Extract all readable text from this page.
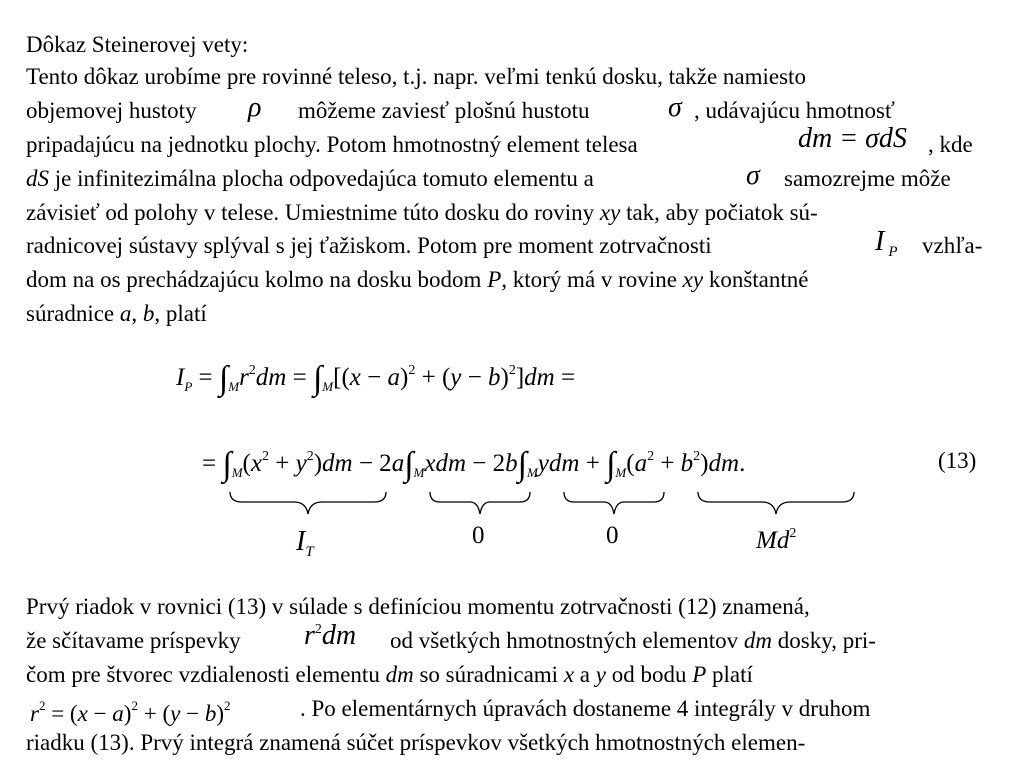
Dôkaz Steinerovej vety:
Tento dôkaz urobíme pre rovinné teleso, t.j. napr. veľmi tenkú dosku, takže namiesto
objemovej hustoty ρ môžeme zaviesť plošnú hustotu	σ , udávajúcu hmotnosť
pripadajúcu na jednotku plochy. Potom hmotnostný element telesa	dm = σdS , kde
dS je infinitezimálna plocha odpovedajúca tomuto elementu a	σ samozrejme môže
závisieť od polohy v telese. Umiestnime túto dosku do roviny xy tak, aby počiatok sú-
radnicovej sústavy splýval s jej ťažiskom. Potom pre moment zotrvačnosti	I $_P$ vzhľa-
dom na os prechádzajúcu kolmo na dosku bodom P, ktorý má v rovine xy konštantné
súradnice a, b, platí
$I_P = \int_Mr^2dm = \int_M[(x - a)^2 + (y - b)^2]dm$ =
= $\int_M(x^2 + y^2)dm - 2a\int_Mxdm - 2b\int_Mydm + \int_M(a^2 + b^2)dm$.	(13)
$I_T$
0	0	Md$^2$
Prvý riadok v rovnici (13) v súlade s definíciou momentu zotrvačnosti (12) znamená,
že sčítavame príspevky $r^2dm$ od všetkých hmotnostných elementov dm dosky, pri-
čom pre štvorec vzdialenosti elementu dm so súradnicami x a y od bodu P platí
$r^2 = (x - a)^2 + (y - b)^2$	. Po elementárnych úpravách dostaneme 4 integrály v druhom
riadku (13). Prvý integrá znamená súčet príspevkov všetkých hmotnostných elemen-
